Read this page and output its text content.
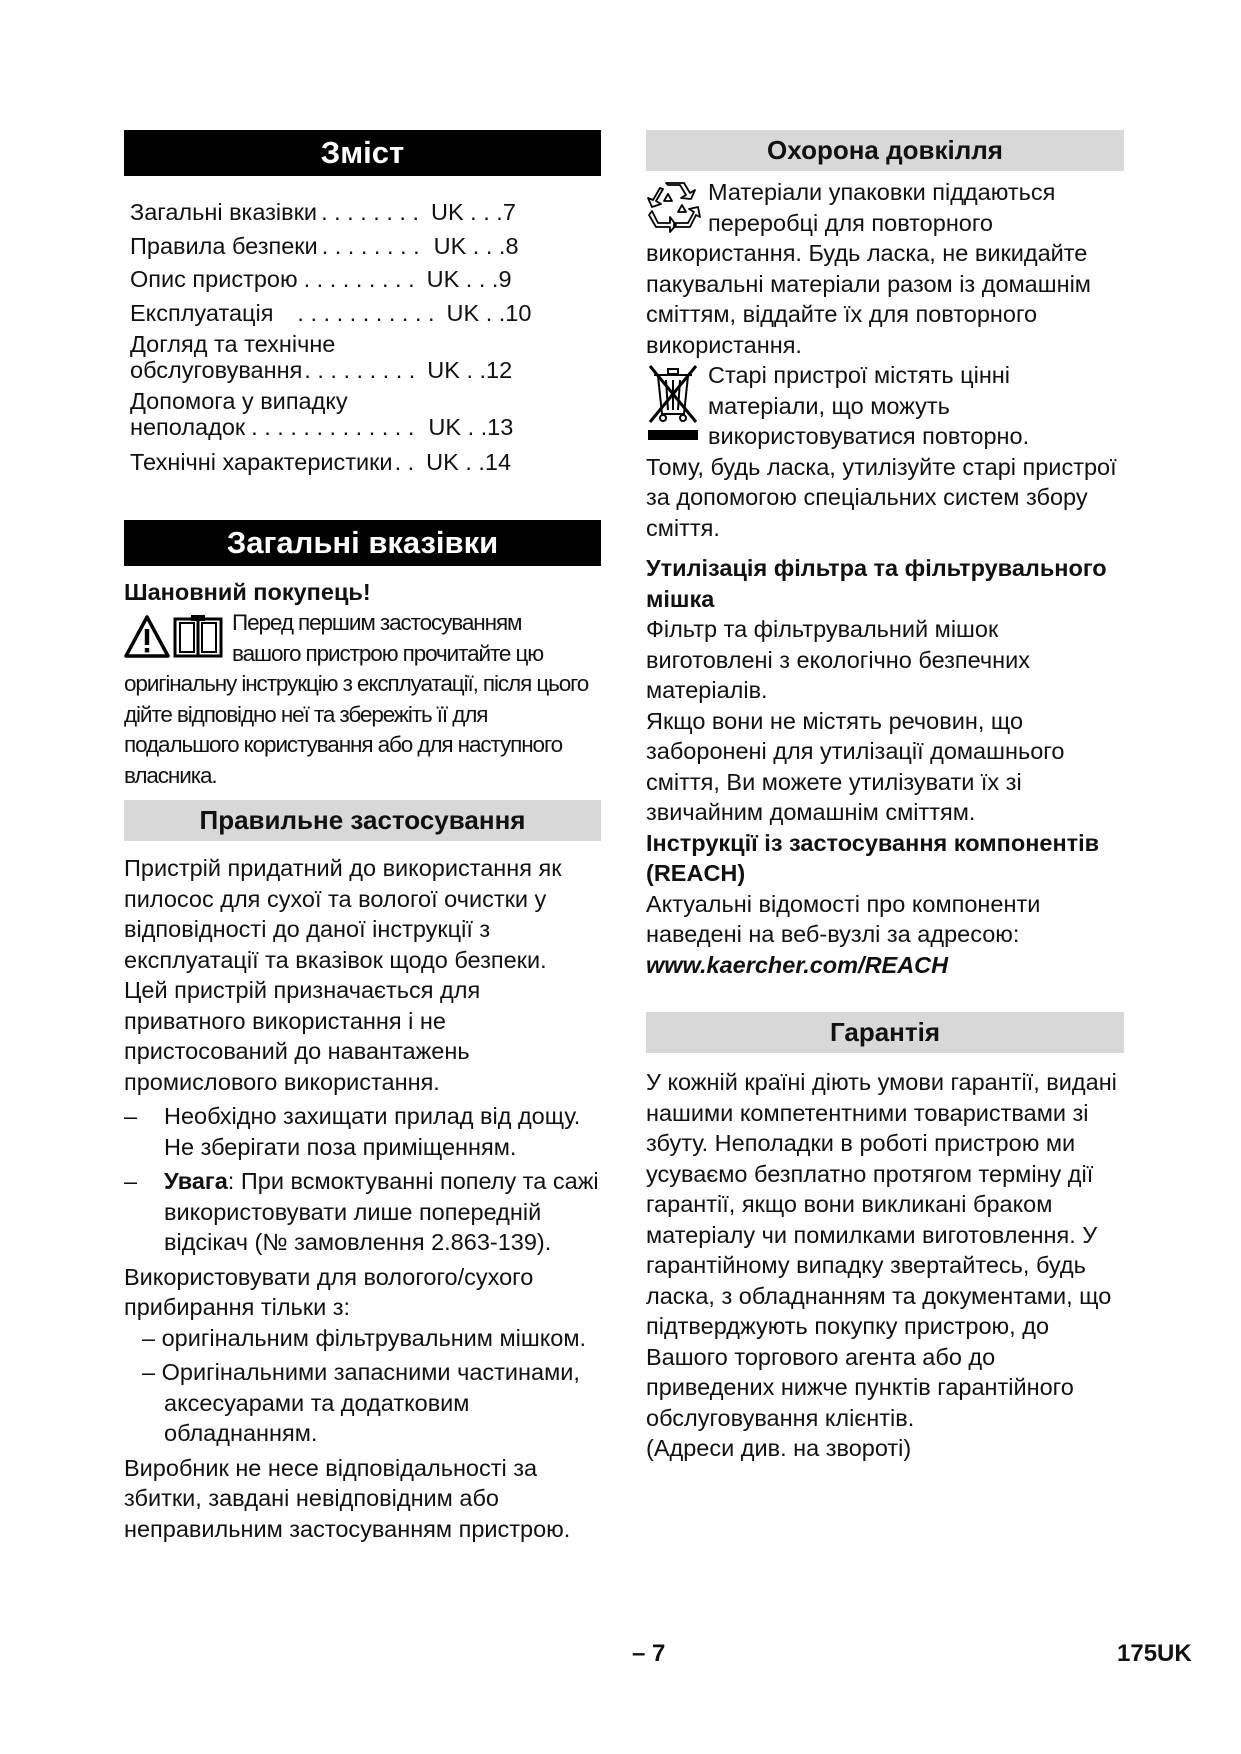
Зміст
Загальні вказівки . . . . . . . . UK . . .7
Правила безпеки . . . . . . . . UK . . .8
Опис пристрою . . . . . . . . . UK . . .9
Експлуатація . . . . . . . . . . . UK . .10
Догляд та технічне
обслуговування . . . . . . . . . UK . .12
Допомога у випадку
неполадок . . . . . . . . . . . . . UK . .13
Технічні характеристики . . UK . .14
Загальні вказівки

Шановний покупець!

Перед першим застосуванням
вашого пристрою прочитайте цю

оригінальну інструкцію з експлуатації, після цього дійте відповідно неї та збережіть її для подальшого користування або для наступного власника.

Правильне застосування

Пристрій придатний до використання як пилосос для сухої та вологої очистки у відповідності до даної інструкції з експлуатації та вказівок щодо безпеки.

Цей пристрій призначається для приватного використання і не пристосований до навантажень промислового використання.

–	Необхідно захищати прилад від дощу. Не зберігати поза приміщенням.
–	Увага: При всмоктуванні попелу та сажі використовувати лише попередній відсікач (№ замовлення 2.863-139).

Використовувати для вологого/сухого прибирання тільки з:

– оригінальним фільтрувальним мішком.

– Оригінальними запасними частинами, аксесуарами та додатковим обладнанням.

Виробник не несе відповідальності за збитки, завдані невідповідним або неправильним застосуванням пристрою.

Охорона довкілля
Матеріали упаковки піддаються
переробці для повторного

використання. Будь ласка, не викидайте пакувальні матеріали разом із домашнім сміттям, віддайте їх для повторного використання.

Старі пристрої містять цінні
матеріали, що можуть
використовуватися повторно.

Тому, будь ласка, утилізуйте старі пристрої за допомогою спеціальних систем збору сміття.

Утилізація фільтра та фільтрувального мішка

Фільтр та фільтрувальний мішок виготовлені з екологічно безпечних матеріалів.

Якщо вони не містять речовин, що заборонені для утилізації домашнього сміття, Ви можете утилізувати їх зі звичайним домашнім сміттям.

Інструкції із застосування компонентів (REACH)

Актуальні відомості про компоненти наведені на веб-вузлі за адресою:

www.kaercher.com/REACH

Гарантія

У кожній країні діють умови гарантії, видані нашими компетентними товариствами зі збуту. Неполадки в роботі пристрою ми усуваємо безплатно протягом терміну дії гарантії, якщо вони викликані браком матеріалу чи помилками виготовлення. У гарантійному випадку звертайтесь, будь ласка, з обладнанням та документами, що підтверджують покупку пристрою, до Вашого торгового агента або до приведених нижче пунктів гарантійного обслуговування клієнтів.

(Адреси див. на звороті)

– 7	175UK
